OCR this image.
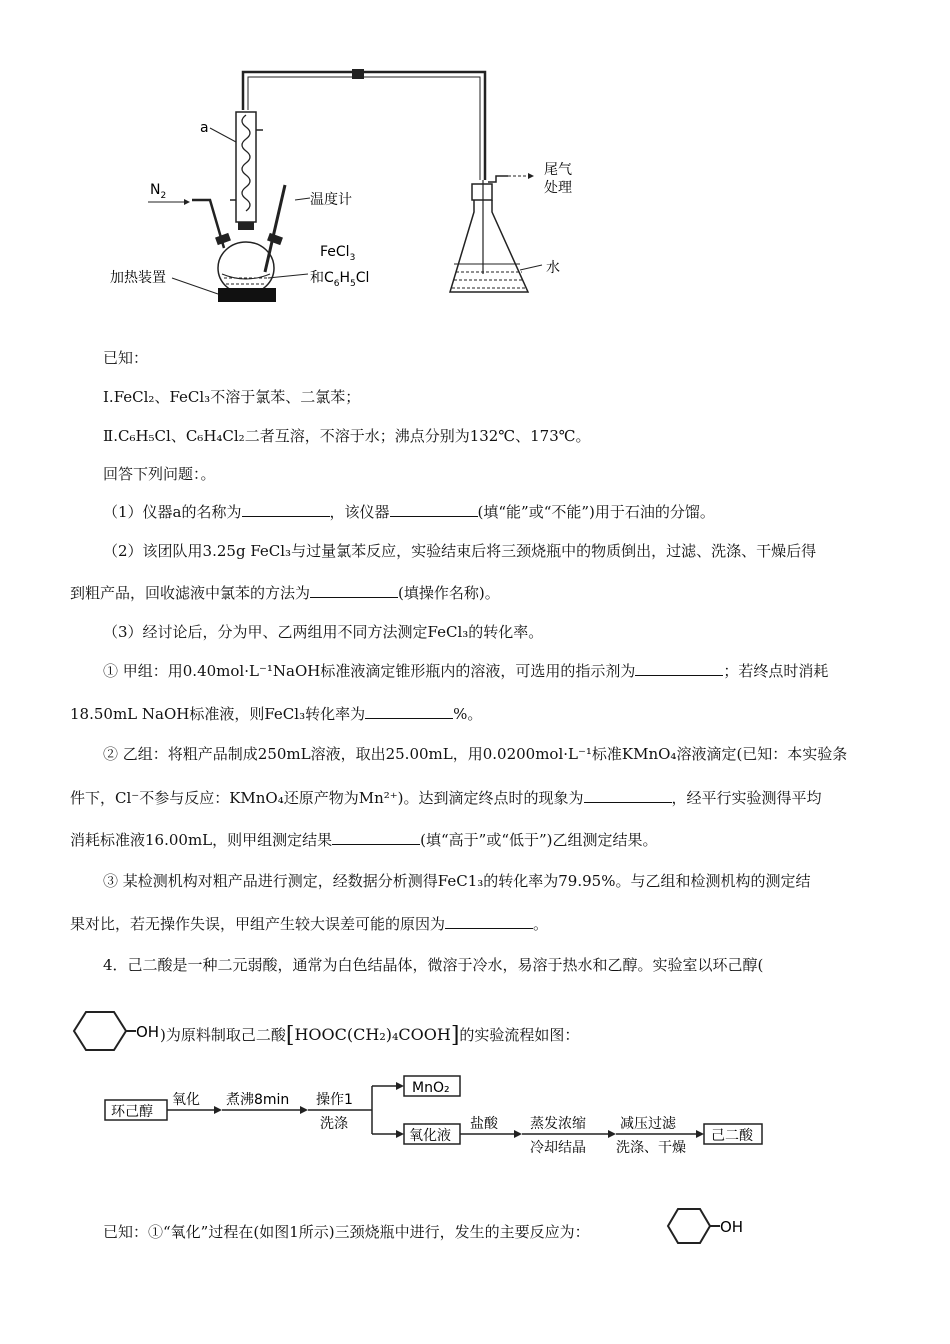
a
$N_2$	温度计
FeCl$_3$
和$C_6H_5Cl$
加热装置
尾气
处理
水
已知：
Ⅰ.FeCl₂、FeCl₃不溶于氯苯、二氯苯；
Ⅱ.C₆H₅Cl、C₆H₄Cl₂二者互溶，不溶于水；沸点分别为132℃、173℃。
回答下列问题：。
（1）仪器a的名称为	，该仪器	(填“能”或“不能”)用于石油的分馏。
（2）该团队用3.25g FeCl₃与过量氯苯反应，实验结束后将三颈烧瓶中的物质倒出，过滤、洗涤、干燥后得
到粗产品，回收滤液中氯苯的方法为	(填操作名称)。
（3）经讨论后，分为甲、乙两组用不同方法测定FeCl₃的转化率。
① 甲组：用0.40mol·L⁻¹NaOH标准液滴定锥形瓶内的溶液，可选用的指示剂为	；若终点时消耗
18.50mL NaOH标准液，则FeCl₃转化率为	%。
② 乙组：将粗产品制成250mL溶液，取出25.00mL，用0.0200mol·L⁻¹标准KMnO₄溶液滴定(已知：本实验条
件下，Cl⁻不参与反应：KMnO₄还原产物为Mn²⁺)。达到滴定终点时的现象为	，经平行实验测得平均
消耗标准液16.00mL，则甲组测定结果	(填“高于”或“低于”)乙组测定结果。
③ 某检测机构对粗产品进行测定，经数据分析测得FeC1₃的转化率为79.95%。与乙组和检测机构的测定结
果对比，若无操作失误，甲组产生较大误差可能的原因为	。
4．己二酸是一种二元弱酸，通常为白色结晶体，微溶于冷水，易溶于热水和乙醇。实验室以环己醇(
OH )为原料制取己二酸[HOOC(CH₂)₄COOH]的实验流程如图：
环己醇
氧化 煮沸8min 操作1
洗涤
MnO₂
氧化液
盐酸 蒸发浓缩
冷却结晶
减压过滤
洗涤、干燥
己二酸
已知：①“氧化”过程在(如图1所示)三颈烧瓶中进行，发生的主要反应为：	OH
